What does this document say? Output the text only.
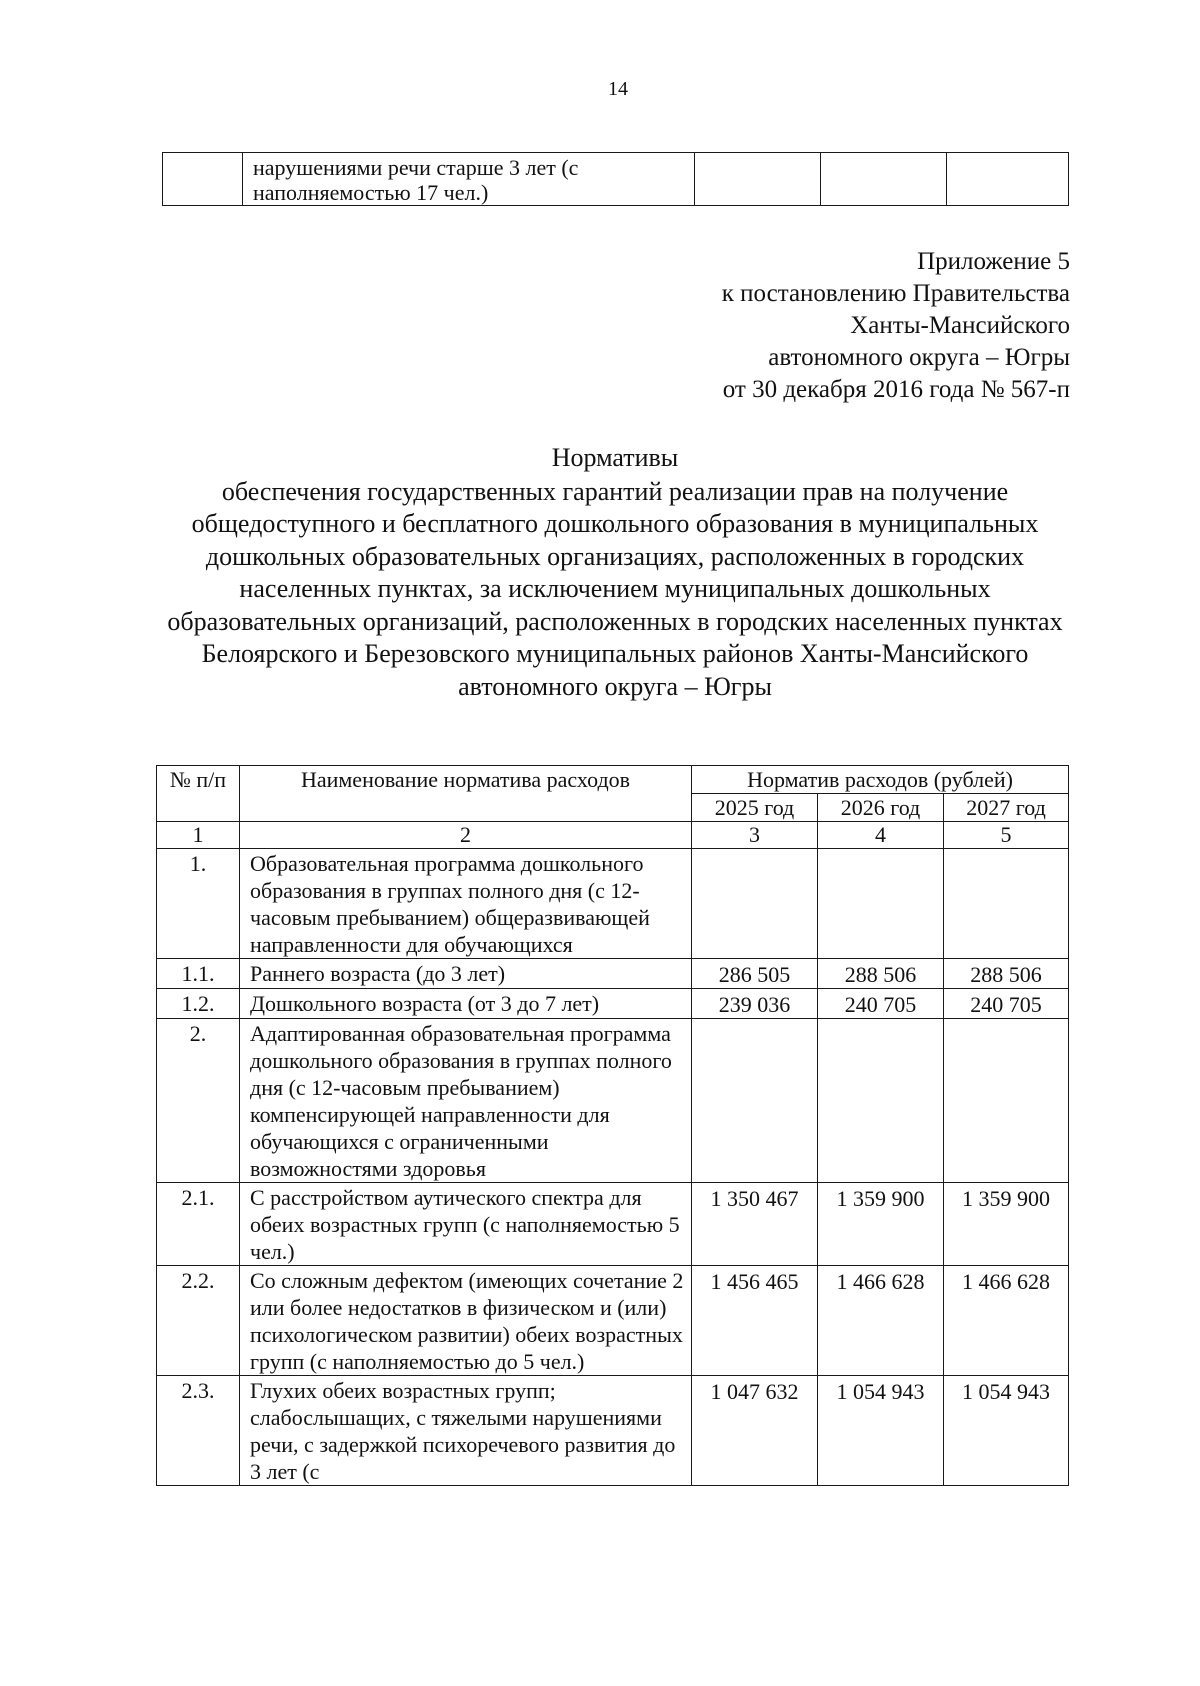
14
	нарушениями речи старше 3 лет (с наполняемостью 17 чел.)			
Приложение 5
к постановлению Правительства
Ханты-Мансийского
автономного округа – Югры
от 30 декабря 2016 года № 567-п
Нормативы
обеспечения государственных гарантий реализации прав на получение общедоступного и бесплатного дошкольного образования в муниципальных дошкольных образовательных организациях, расположенных в городских населенных пунктах, за исключением муниципальных дошкольных образовательных организаций, расположенных в городских населенных пунктах Белоярского и Березовского муниципальных районов Ханты-Мансийского автономного округа – Югры
№ п/п	Наименование норматива расходов	Норматив расходов (рублей)		
		2025 год	2026 год	2027 год
1	2	3	4	5
1.	Образовательная программа дошкольного образования в группах полного дня (с 12-часовым пребыванием) общеразвивающей направленности для обучающихся			
1.1.	Раннего возраста (до 3 лет)	286 505	288 506	288 506
1.2.	Дошкольного возраста (от 3 до 7 лет)	239 036	240 705	240 705
2.	Адаптированная образовательная программа дошкольного образования в группах полного дня (с 12-часовым пребыванием) компенсирующей направленности для обучающихся с ограниченными возможностями здоровья			
2.1.	С расстройством аутического спектра для обеих возрастных групп (с наполняемостью 5 чел.)	1 350 467	1 359 900	1 359 900
2.2.	Со сложным дефектом (имеющих сочетание 2 или более недостатков в физическом и (или) психологическом развитии) обеих возрастных групп (с наполняемостью до 5 чел.)	1 456 465	1 466 628	1 466 628
2.3.	Глухих обеих возрастных групп; слабослышащих, с тяжелыми нарушениями речи, с задержкой психоречевого развития до 3 лет (с	1 047 632	1 054 943	1 054 943
